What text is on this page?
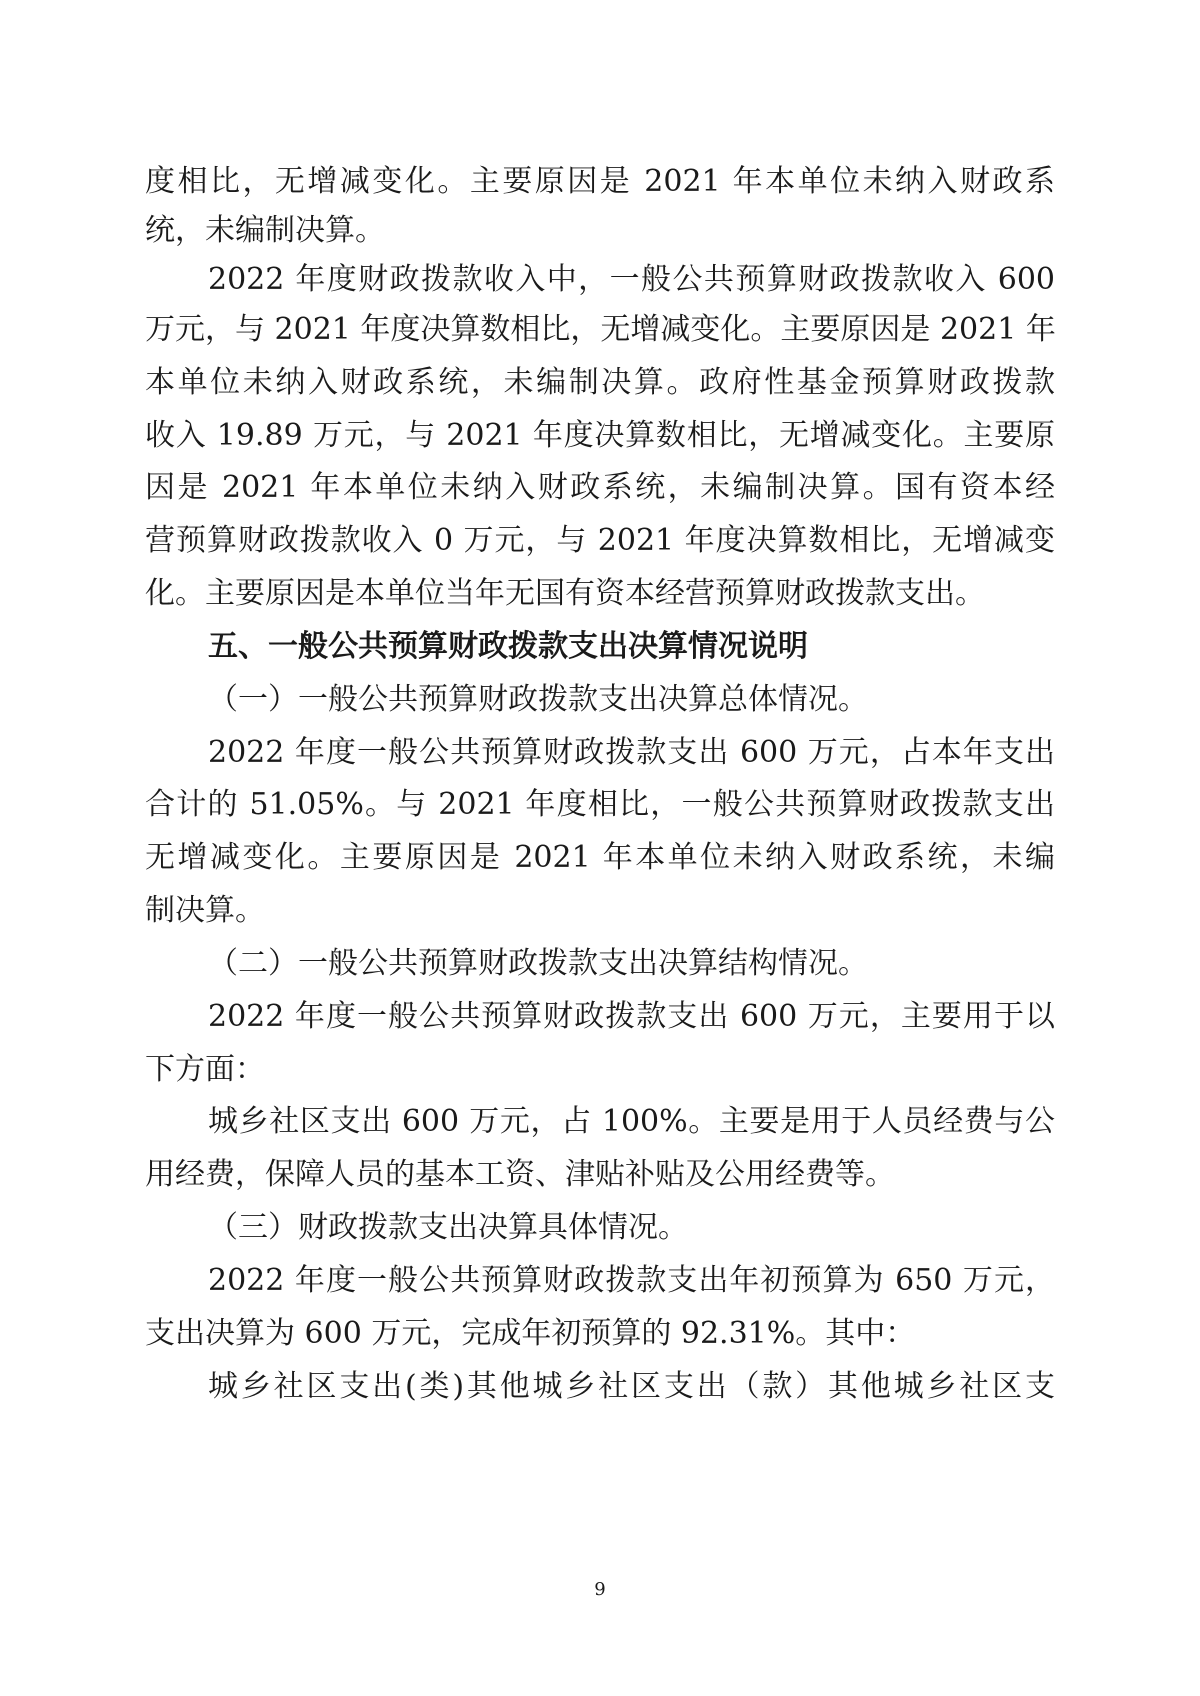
度相比，无增减变化。主要原因是 2021 年本单位未纳入财政系
统，未编制决算。
2022 年度财政拨款收入中，一般公共预算财政拨款收入 600
万元，与 2021 年度决算数相比，无增减变化。主要原因是 2021 年
本单位未纳入财政系统，未编制决算。政府性基金预算财政拨款
收入 19.89 万元，与 2021 年度决算数相比，无增减变化。主要原
因是 2021 年本单位未纳入财政系统，未编制决算。国有资本经
营预算财政拨款收入 0 万元，与 2021 年度决算数相比，无增减变
化。主要原因是本单位当年无国有资本经营预算财政拨款支出。
五、一般公共预算财政拨款支出决算情况说明
（一）一般公共预算财政拨款支出决算总体情况。
2022 年度一般公共预算财政拨款支出 600 万元，占本年支出
合计的 51.05%。与 2021 年度相比，一般公共预算财政拨款支出
无增减变化。主要原因是 2021 年本单位未纳入财政系统，未编
制决算。
（二）一般公共预算财政拨款支出决算结构情况。
2022 年度一般公共预算财政拨款支出 600 万元，主要用于以
下方面：
城乡社区支出 600 万元，占 100%。主要是用于人员经费与公
用经费，保障人员的基本工资、津贴补贴及公用经费等。
（三）财政拨款支出决算具体情况。
2022 年度一般公共预算财政拨款支出年初预算为 650 万元，
支出决算为 600 万元，完成年初预算的 92.31%。其中：
城乡社区支出(类)其他城乡社区支出（款）其他城乡社区支
9
